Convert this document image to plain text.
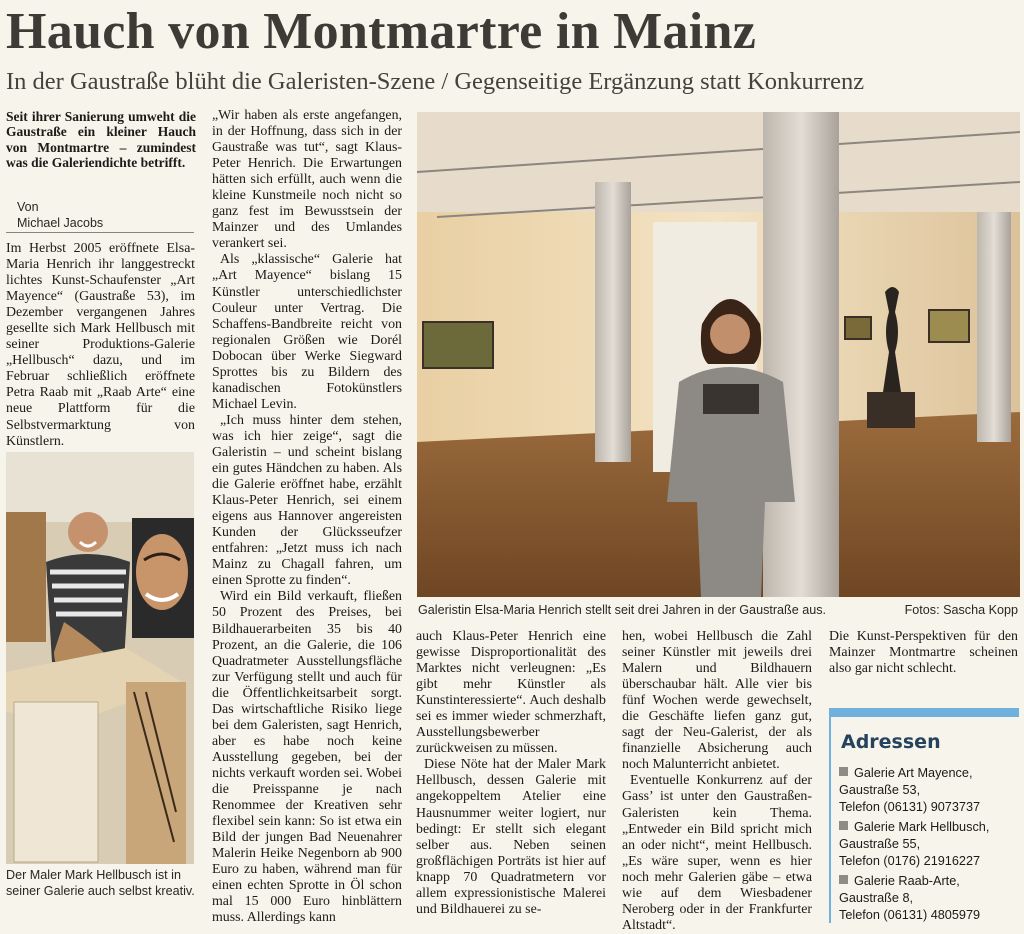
Hauch von Montmartre in Mainz
In der Gaustraße blüht die Galeristen-Szene / Gegenseitige Ergänzung statt Konkurrenz
Seit ihrer Sanierung umweht die Gaustraße ein kleiner Hauch von Montmartre – zumindest was die Galeriendichte betrifft.
Von
Michael Jacobs

Im Herbst 2005 eröffnete Elsa-Maria Henrich ihr langgestreckt lichtes Kunst-Schaufenster „Art Mayence“ (Gaustraße 53), im Dezember vergangenen Jahres gesellte sich Mark Hellbusch mit seiner Produktions-Galerie „Hellbusch“ dazu, und im Februar schließlich eröffnete Petra Raab mit „Raab Arte“ eine neue Plattform für die Selbstvermarktung von Künstlern.

„Wir haben als erste angefangen, in der Hoffnung, dass sich in der Gaustraße was tut“, sagt Klaus-Peter Henrich. Die Erwartungen hätten sich erfüllt, auch wenn die kleine Kunstmeile noch nicht so ganz fest im Bewusstsein der Mainzer und des Umlandes verankert sei.

Als „klassische“ Galerie hat „Art Mayence“ bislang 15 Künstler unterschiedlichster Couleur unter Vertrag. Die Schaffens-Bandbreite reicht von regionalen Größen wie Dorél Dobocan über Werke Siegward Sprottes bis zu Bildern des kanadischen Fotokünstlers Michael Levin.

„Ich muss hinter dem stehen, was ich hier zeige“, sagt die Galeristin – und scheint bislang ein gutes Händchen zu haben. Als die Galerie eröffnet habe, erzählt Klaus-Peter Henrich, sei einem eigens aus Hannover angereisten Kunden der Glücksseufzer entfahren: „Jetzt muss ich nach Mainz zu Chagall fahren, um einen Sprotte zu finden“.

Wird ein Bild verkauft, fließen 50 Prozent des Preises, bei Bildhauerarbeiten 35 bis 40 Prozent, an die Galerie, die 106 Quadratmeter Ausstellungsfläche zur Verfügung stellt und auch für die Öffentlichkeitsarbeit sorgt. Das wirtschaftliche Risiko liege bei dem Galeristen, sagt Henrich, aber es habe noch keine Ausstellung gegeben, bei der nichts verkauft worden sei. Wobei die Preisspanne je nach Renommee der Kreativen sehr flexibel sein kann: So ist etwa ein Bild der jungen Bad Neuenahrer Malerin Heike Negenborn ab 900 Euro zu haben, während man für einen echten Sprotte in Öl schon mal 15 000 Euro hinblättern muss. Allerdings kann

auch Klaus-Peter Henrich eine gewisse Disproportionalität des Marktes nicht verleugnen: „Es gibt mehr Künstler als Kunstinteressierte“. Auch deshalb sei es immer wieder schmerzhaft, Ausstellungsbewerber zurückweisen zu müssen.

Diese Nöte hat der Maler Mark Hellbusch, dessen Galerie mit angekoppeltem Atelier eine Hausnummer weiter logiert, nur bedingt: Er stellt sich elegant selber aus. Neben seinen großflächigen Porträts ist hier auf knapp 70 Quadratmetern vor allem expressionistische Malerei und Bildhauerei zu se-

hen, wobei Hellbusch die Zahl seiner Künstler mit jeweils drei Malern und Bildhauern überschaubar hält. Alle vier bis fünf Wochen werde gewechselt, die Geschäfte liefen ganz gut, sagt der Neu-Galerist, der als finanzielle Absicherung auch noch Malunterricht anbietet.

Eventuelle Konkurrenz auf der Gass’ ist unter den Gaustraßen-Galeristen kein Thema. „Entweder ein Bild spricht mich an oder nicht“, meint Hellbusch. „Es wäre super, wenn es hier noch mehr Galerien gäbe – etwa wie auf dem Wiesbadener Neroberg oder in der Frankfurter Altstadt“.

Die Kunst-Perspektiven für den Mainzer Montmartre scheinen also gar nicht schlecht.

Galeristin Elsa-Maria Henrich stellt seit drei Jahren in der Gaustraße aus.	Fotos: Sascha Kopp
Der Maler Mark Hellbusch ist in seiner Galerie auch selbst kreativ.
Adressen
Galerie Art Mayence,
Gaustraße 53,
Telefon (06131) 9073737
Galerie Mark Hellbusch,
Gaustraße 55,
Telefon (0176) 21916227
Galerie Raab-Arte,
Gaustraße 8,
Telefon (06131) 4805979
